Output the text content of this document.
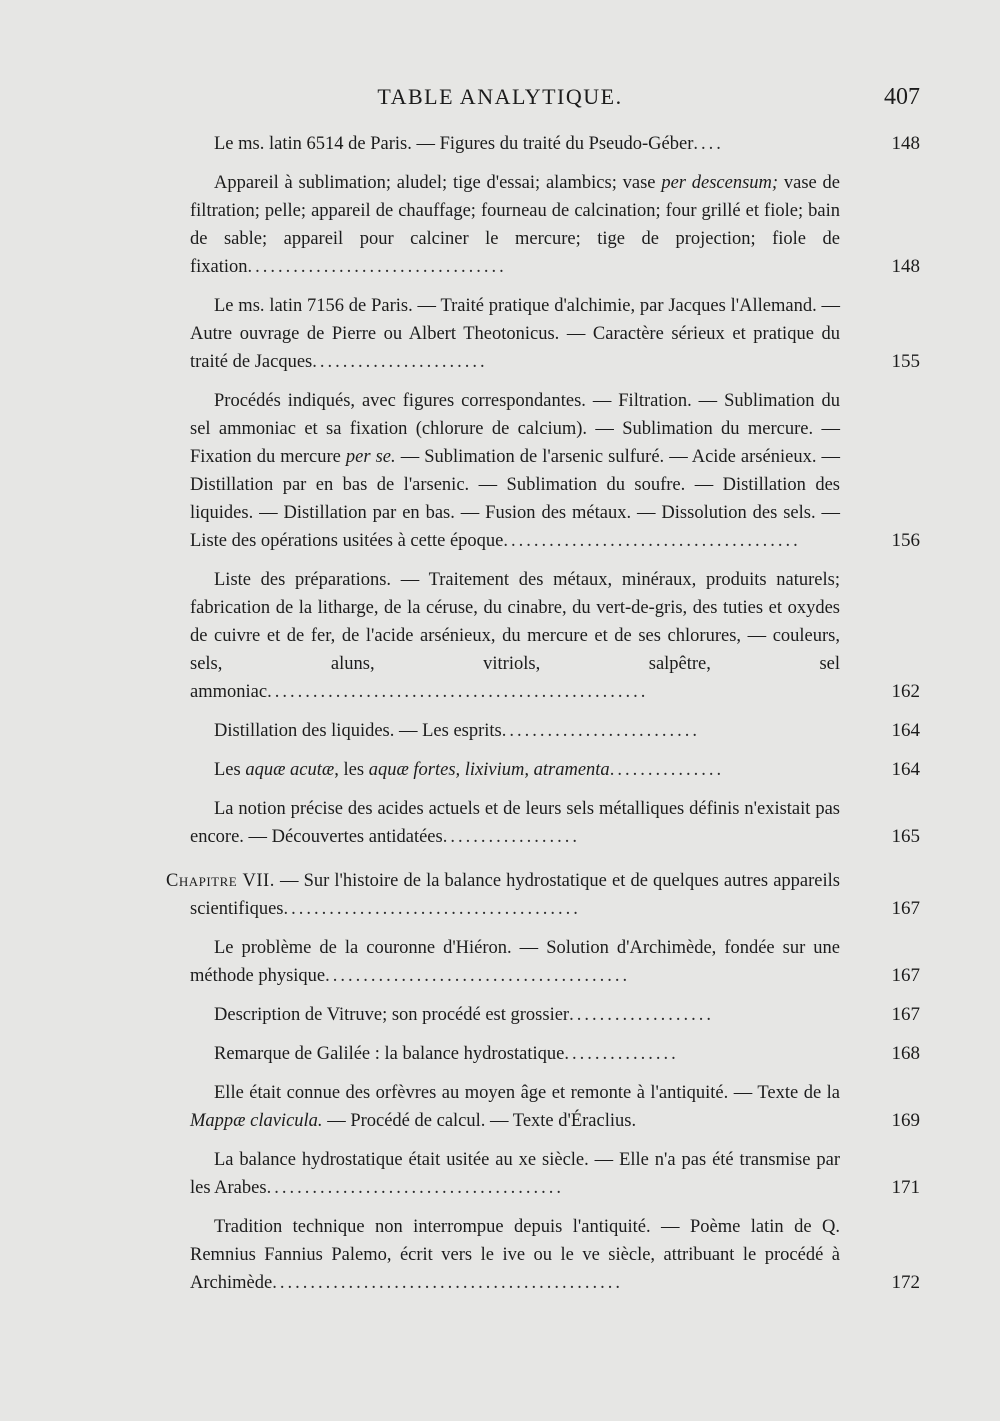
TABLE ANALYTIQUE.	407
Le ms. latin 6514 de Paris. — Figures du traité du Pseudo-Géber....	148
Appareil à sublimation; aludel; tige d'essai; alambics; vase per descensum; vase de filtration; pelle; appareil de chauffage; fourneau de calcination; four grillé et fiole; bain de sable; appareil pour calciner le mercure; tige de projection; fiole de fixation..................................	148
Le ms. latin 7156 de Paris. — Traité pratique d'alchimie, par Jacques l'Allemand. — Autre ouvrage de Pierre ou Albert Theotonicus. — Caractère sérieux et pratique du traité de Jacques.......................	155
Procédés indiqués, avec figures correspondantes. — Filtration. — Sublimation du sel ammoniac et sa fixation (chlorure de calcium). — Sublimation du mercure. — Fixation du mercure per se. — Sublimation de l'arsenic sulfuré. — Acide arsénieux. — Distillation par en bas de l'arsenic. — Sublimation du soufre. — Distillation des liquides. — Distillation par en bas. — Fusion des métaux. — Dissolution des sels. — Liste des opérations usitées à cette époque.......................................	156
Liste des préparations. — Traitement des métaux, minéraux, produits naturels; fabrication de la litharge, de la céruse, du cinabre, du vert-de-gris, des tuties et oxydes de cuivre et de fer, de l'acide arsénieux, du mercure et de ses chlorures, — couleurs, sels, aluns, vitriols, salpêtre, sel ammoniac..................................................	162
Distillation des liquides. — Les esprits..........................	164
Les aquæ acutæ, les aquæ fortes, lixivium, atramenta...............	164
La notion précise des acides actuels et de leurs sels métalliques définis n'existait pas encore. — Découvertes antidatées..................	165
Chapitre VII. — Sur l'histoire de la balance hydrostatique et de quelques autres appareils scientifiques.......................................	167
Le problème de la couronne d'Hiéron. — Solution d'Archimède, fondée sur une méthode physique........................................	167
Description de Vitruve; son procédé est grossier...................	167
Remarque de Galilée : la balance hydrostatique...............	168
Elle était connue des orfèvres au moyen âge et remonte à l'antiquité. — Texte de la Mappæ clavicula. — Procédé de calcul. — Texte d'Éraclius.	169
La balance hydrostatique était usitée au xe siècle. — Elle n'a pas été transmise par les Arabes.......................................	171
Tradition technique non interrompue depuis l'antiquité. — Poème latin de Q. Remnius Fannius Palemo, écrit vers le ive ou le ve siècle, attribuant le procédé à Archimède..............................................	172
